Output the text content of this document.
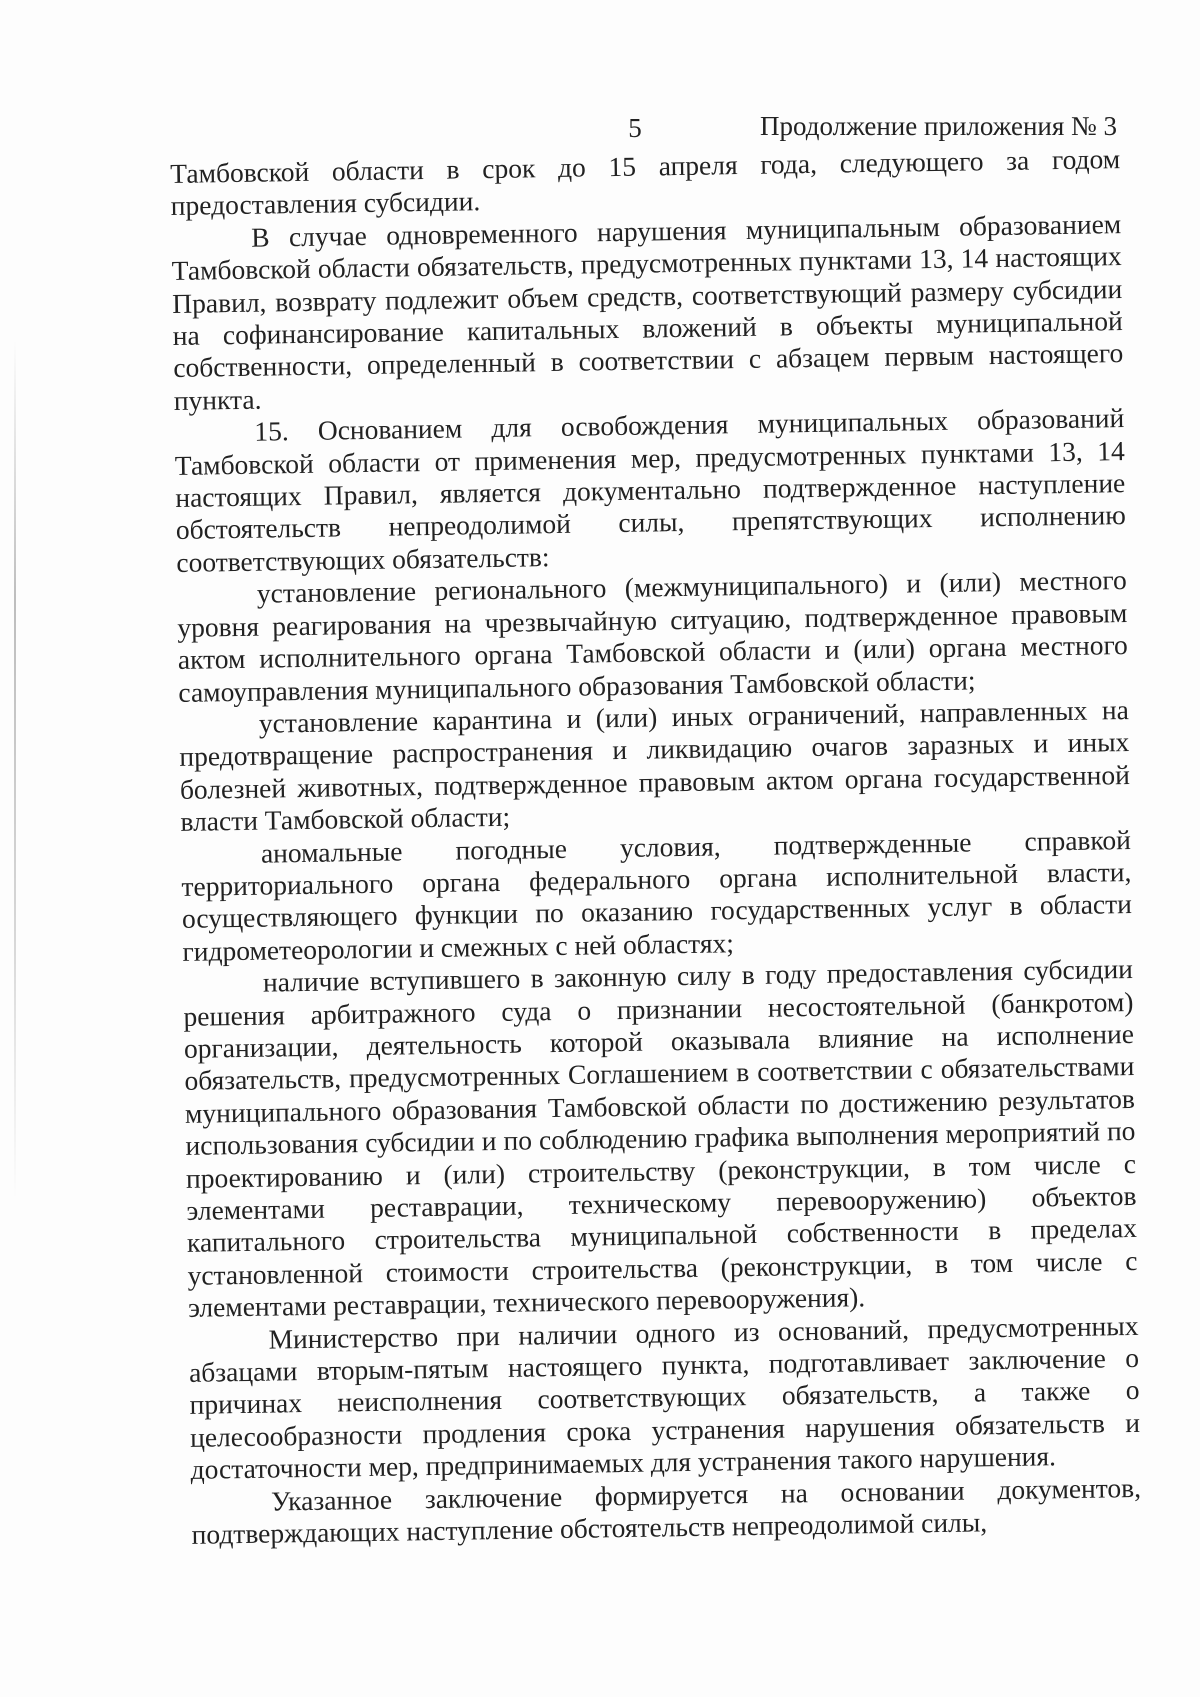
5	Продолжение приложения № 3

Тамбовской области в срок до 15 апреля года, следующего за годом предоставления субсидии.

В случае одновременного нарушения муниципальным образованием Тамбовской области обязательств, предусмотренных пунктами 13, 14 настоящих Правил, возврату подлежит объем средств, соответствующий размеру субсидии на софинансирование капитальных вложений в объекты муниципальной собственности, определенный в соответствии с абзацем первым настоящего пункта.

15. Основанием для освобождения муниципальных образований Тамбовской области от применения мер, предусмотренных пунктами 13, 14 настоящих Правил, является документально подтвержденное наступление обстоятельств непреодолимой силы, препятствующих исполнению соответствующих обязательств:

установление регионального (межмуниципального) и (или) местного уровня реагирования на чрезвычайную ситуацию, подтвержденное правовым актом исполнительного органа Тамбовской области и (или) органа местного самоуправления муниципального образования Тамбовской области;

установление карантина и (или) иных ограничений, направленных на предотвращение распространения и ликвидацию очагов заразных и иных болезней животных, подтвержденное правовым актом органа государственной власти Тамбовской области;

аномальные погодные условия, подтвержденные справкой территориального органа федерального органа исполнительной власти, осуществляющего функции по оказанию государственных услуг в области гидрометеорологии и смежных с ней областях;

наличие вступившего в законную силу в году предоставления субсидии решения арбитражного суда о признании несостоятельной (банкротом) организации, деятельность которой оказывала влияние на исполнение обязательств, предусмотренных Соглашением в соответствии с обязательствами муниципального образования Тамбовской области по достижению результатов использования субсидии и по соблюдению графика выполнения мероприятий по проектированию и (или) строительству (реконструкции, в том числе с элементами реставрации, техническому перевооружению) объектов капитального строительства муниципальной собственности в пределах установленной стоимости строительства (реконструкции, в том числе с элементами реставрации, технического перевооружения).

Министерство при наличии одного из оснований, предусмотренных абзацами вторым-пятым настоящего пункта, подготавливает заключение о причинах неисполнения соответствующих обязательств, а также о целесообразности продления срока устранения нарушения обязательств и достаточности мер, предпринимаемых для устранения такого нарушения.

Указанное заключение формируется на основании документов, подтверждающих наступление обстоятельств непреодолимой силы,
